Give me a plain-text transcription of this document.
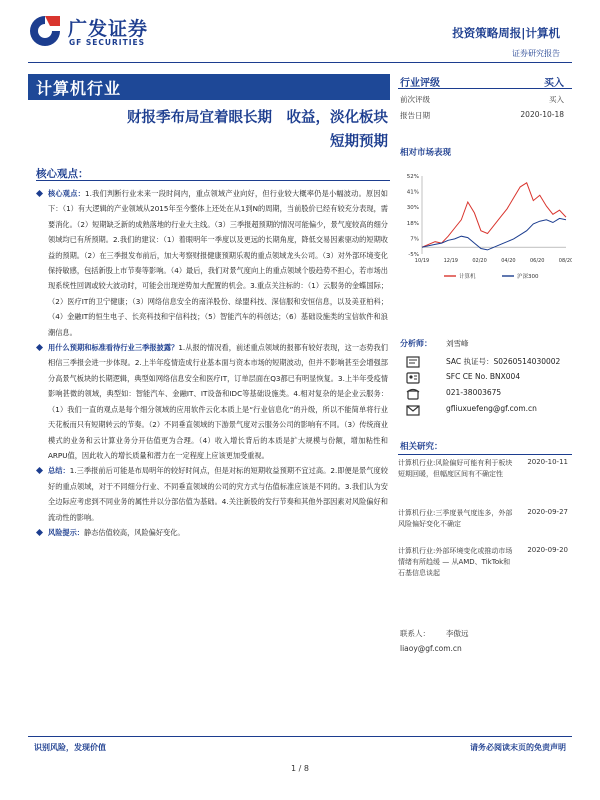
广发证券
GF SECURITIES
投资策略周报|计算机
证券研究报告
计算机行业
财报季布局宜着眼长期　收益，淡化板块
短期预期
行业评级	买入
前次评级	买入
报告日期	2020-10-18
相对市场表现
-5%
7%
18%
30%
41%
52%
10/19	12/19	02/20	04/20	06/20	08/20
计算机	沪深300
分析师： 刘雪峰
SAC 执证号：S0260514030002
SFC CE No. BNX004
021-38003675
gfliuxuefeng@gf.com.cn
相关研究：
计算机行业:风险偏好可能有利于板块短期回暖，但幅度区间有不确定性
2020-10-11
计算机行业:三季度景气度连多，外部风险偏好变化不确定
2020-09-27
计算机行业:外部环境变化或推动市场情绪有所趋缓 — 从AMD、TikTok和石基信息谈起
2020-09-20
联系人： 李傲远
liaoy@gf.com.cn
核心观点：
核心观点：1.我们判断行业未来一段时间内，重点领域产业向好，但行业较大概率仍是小幅波动。原因如下：（1）有大逻辑的产业领域从2015年至今整体上还处在从1到N的周期，当前股价已经有较充分表现，需要消化。（2）短期缺乏新的成熟落地的行业大主线。（3）三季报超预期的情况可能偏少，景气度较高的细分领域均已有所预期。2.我们的建议：（1）着眼明年一季度以及更远的长期角度，降低交易因素驱动的短期收益的预期。（2）在三季报发布前后，加大考察财报健康预期乐观的重点领域龙头公司。（3）对外部环境变化保持敏感，包括新股上市节奏等影响。（4）最后，我们对景气度向上的重点领域个股趋势不担心，若市场出现系统性回调或较大波动时，可能会出现逆势加大配置的机会。3.重点关注标的：（1）云服务的金蝶国际；（2）医疗IT的卫宁健康；（3）网络信息安全的南洋股份、绿盟科技、深信服和安恒信息，以及美亚柏科；（4）金融IT的恒生电子、长亮科技和宇信科技；（5）智能汽车的科创达；（6）基础设施类的宝信软件和浪潮信息。
用什么预期和标准看待行业三季报披露？1.从报的情况看，前述重点领域的报都有较好表现，这一态势我们相信三季报会进一步体现。2.上半年疫情造成行业基本面与资本市场的短期波动，但并不影响甚至会增强部分高景气板块的长期逻辑，典型如网络信息安全和医疗IT，订单层面在Q3都已有明显恢复。3.上半年受疫情影响甚微的领域，典型如：智能汽车、金融IT、IT设备和IDC等基础设施类。4.相对复杂的是企业云服务：（1）我们一直的观点是每个细分领域的应用软件云化本质上是“行业信息化”的升级，所以不能简单将行业天花板而只有短期转云的节奏。（2）不同垂直领域的下游景气度对云服务公司的影响有不同。（3）传统商业模式的业务和云计算业务分开估值更为合理。（4）收入增长背后的本质是扩大规模与份额，增加粘性和ARPU值，因此收入的增长质量和潜力在一定程度上应该更加受重视。
总结：1.三季报前后可能是布局明年的较好时间点，但是对标的短期收益预期不宜过高。2.即便是景气度较好的重点领域，对于不同细分行业、不同垂直领域的公司的究方式与估值标准应该是不同的。3.我们认为安全边际应考虑到不同业务的属性并以分部估值为基础。4.关注新股的发行节奏和其他外部因素对风险偏好和流动性的影响。
风险提示：静态估值较高，风险偏好变化。
识别风险，发现价值	请务必阅读末页的免责声明
1 / 8
